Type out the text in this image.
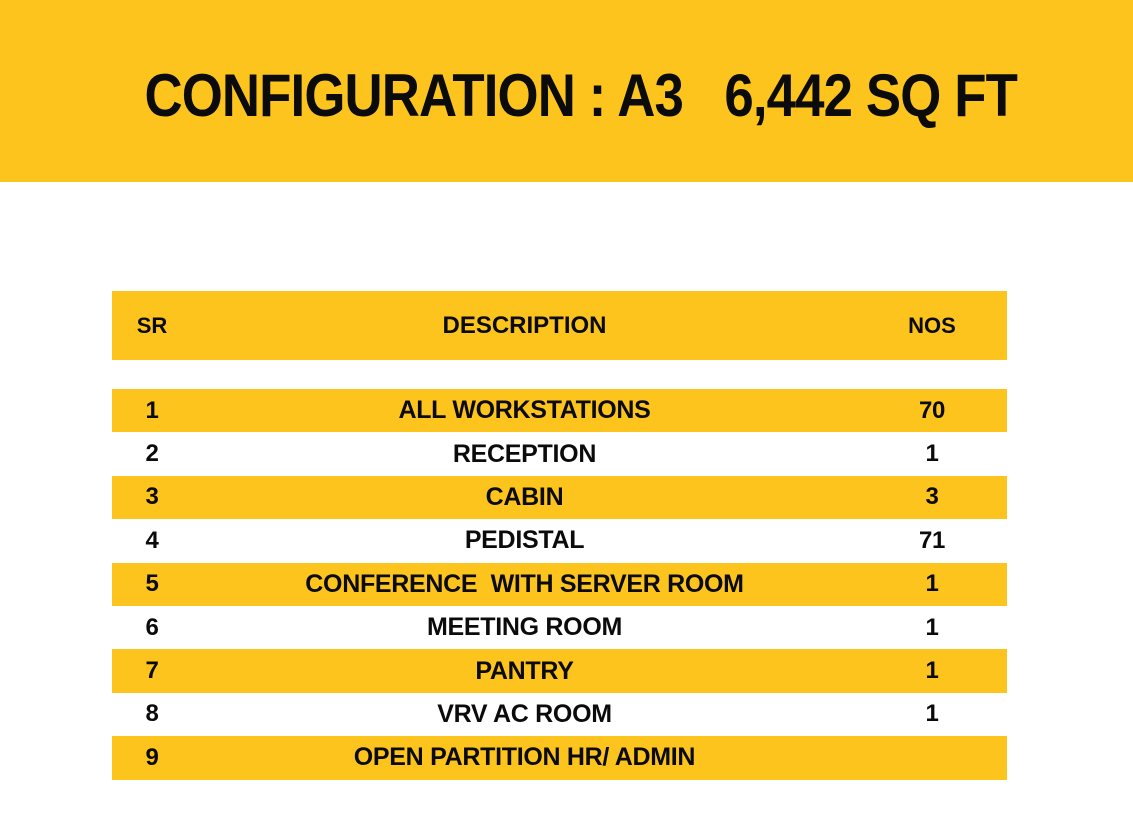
CONFIGURATION : A3   6,442 SQ FT
SR	DESCRIPTION	NOS
1	ALL WORKSTATIONS	70
2	RECEPTION	1
3	CABIN	3
4	PEDISTAL	71
5	CONFERENCE  WITH SERVER ROOM	1
6	MEETING ROOM	1
7	PANTRY	1
8	VRV AC ROOM	1
9	OPEN PARTITION HR/ ADMIN
